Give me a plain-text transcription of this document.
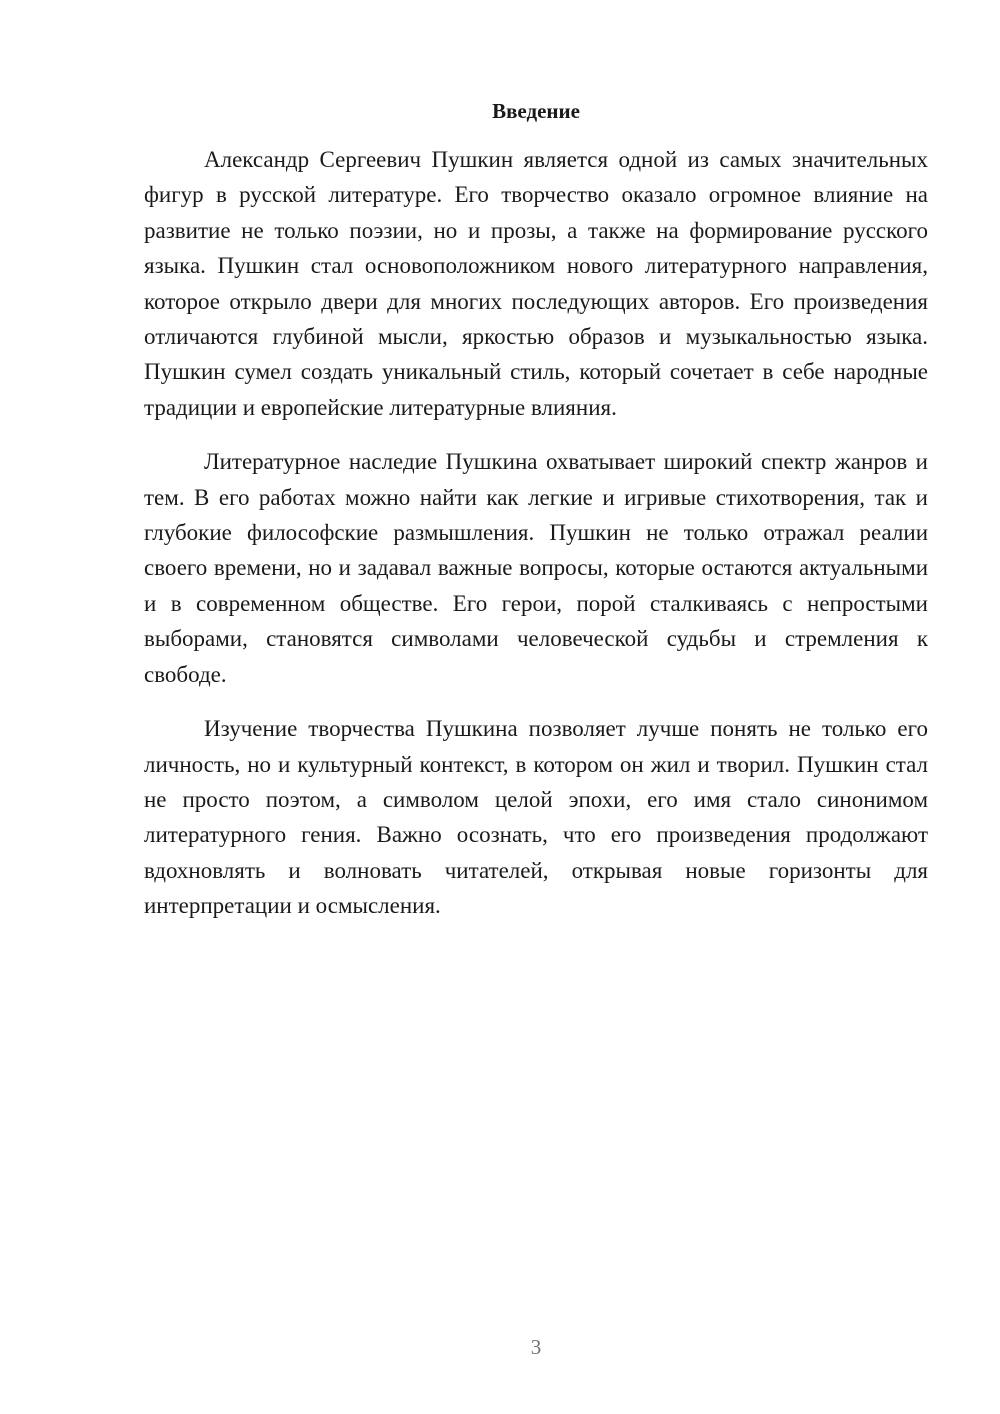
Введение

Александр Сергеевич Пушкин является одной из самых значительных фигур в русской литературе. Его творчество оказало огромное влияние на развитие не только поэзии, но и прозы, а также на формирование русского языка. Пушкин стал основоположником нового литературного направления, которое открыло двери для многих последующих авторов. Его произведения отличаются глубиной мысли, яркостью образов и музыкальностью языка. Пушкин сумел создать уникальный стиль, который сочетает в себе народные традиции и европейские литературные влияния.

Литературное наследие Пушкина охватывает широкий спектр жанров и тем. В его работах можно найти как легкие и игривые стихотворения, так и глубокие философские размышления. Пушкин не только отражал реалии своего времени, но и задавал важные вопросы, которые остаются актуальными и в современном обществе. Его герои, порой сталкиваясь с непростыми выборами, становятся символами человеческой судьбы и стремления к свободе.

Изучение творчества Пушкина позволяет лучше понять не только его личность, но и культурный контекст, в котором он жил и творил. Пушкин стал не просто поэтом, а символом целой эпохи, его имя стало синонимом литературного гения. Важно осознать, что его произведения продолжают вдохновлять и волновать читателей, открывая новые горизонты для интерпретации и осмысления.

3
